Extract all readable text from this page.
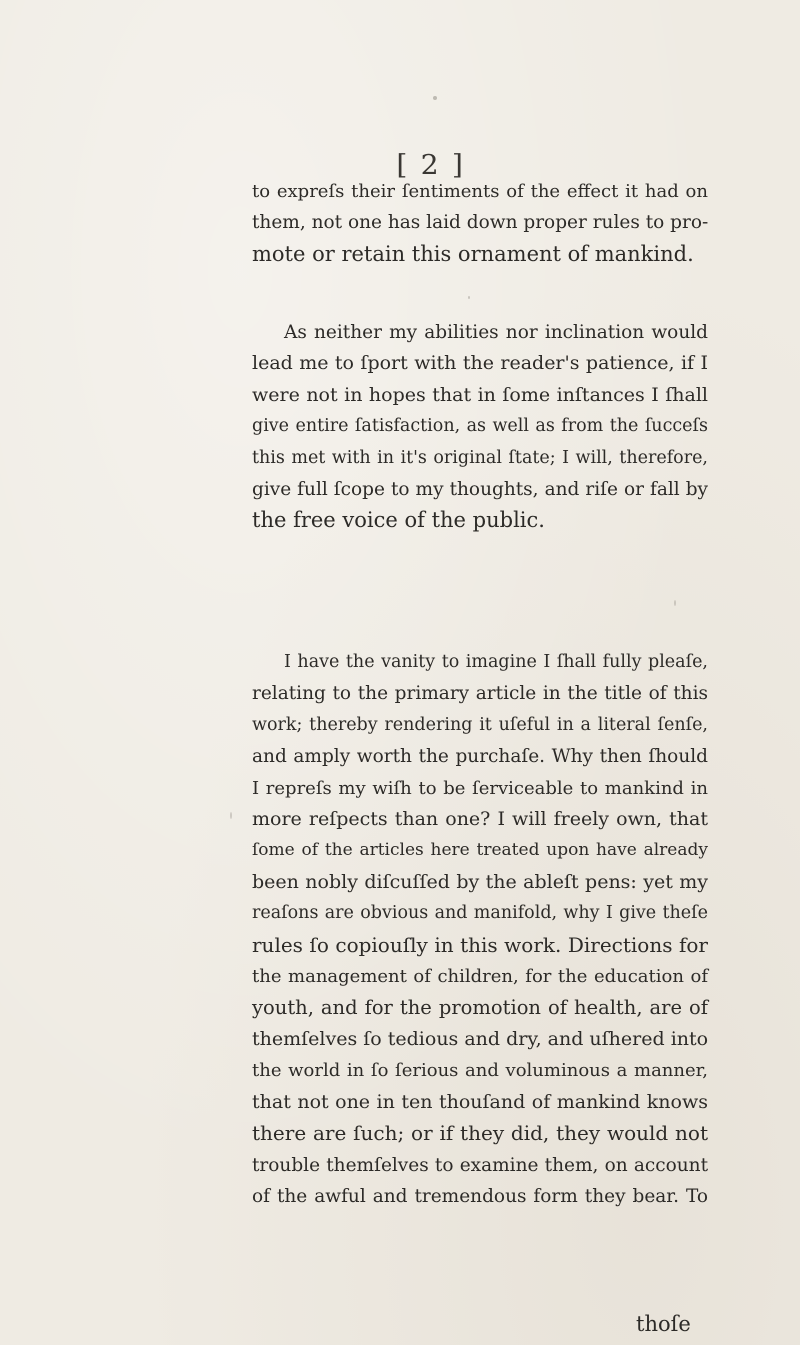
[ 2 ]
to expreſs their ſentiments of the effect it had on
them, not one has laid down proper rules to pro-
mote or retain this ornament of mankind.
As neither my abilities nor inclination would
lead me to ſport with the reader's patience, if I
were not in hopes that in ſome inſtances I ſhall
give entire ſatisfaction, as well as from the ſucceſs
this met with in it's original ſtate; I will, therefore,
give full ſcope to my thoughts, and riſe or fall by
the free voice of the public.
I have the vanity to imagine I ſhall fully pleaſe,
relating to the primary article in the title of this
work; thereby rendering it uſeful in a literal ſenſe,
and amply worth the purchaſe. Why then ſhould
I repreſs my wiſh to be ſerviceable to mankind in
more reſpects than one? I will freely own, that
ſome of the articles here treated upon have already
been nobly diſcuſſed by the ableſt pens: yet my
reaſons are obvious and manifold, why I give theſe
rules ſo copiouſly in this work. Directions for
the management of children, for the education of
youth, and for the promotion of health, are of
themſelves ſo tedious and dry, and uſhered into
the world in ſo ſerious and voluminous a manner,
that not one in ten thouſand of mankind knows
there are ſuch; or if they did, they would not
trouble themſelves to examine them, on account
of the awful and tremendous form they bear. To
thoſe
